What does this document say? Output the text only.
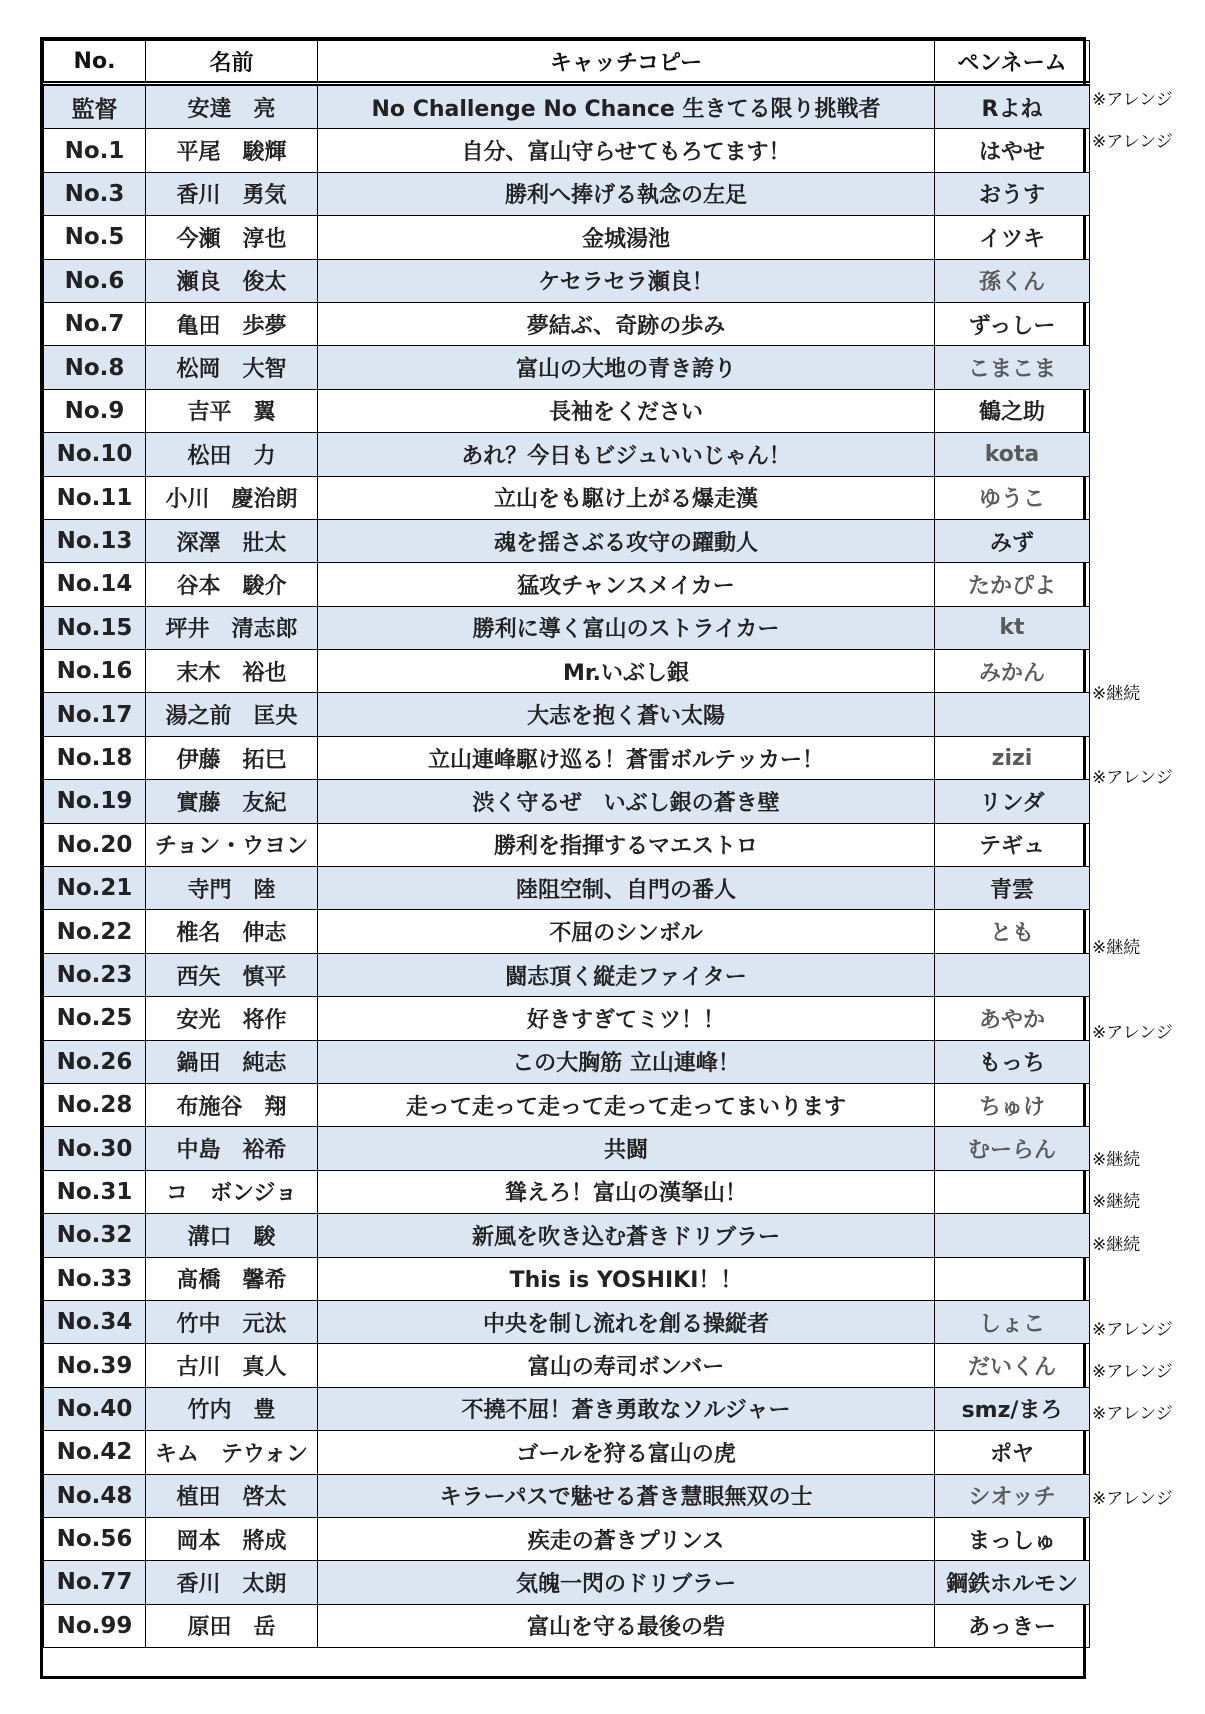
No.	名前	キャッチコピー	ペンネーム
監督	安達　亮	No Challenge No Chance 生きてる限り挑戦者	Rよね
No.1	平尾　駿輝	自分、富山守らせてもろてます！	はやせ
No.3	香川　勇気	勝利へ捧げる執念の左足	おうす
No.5	今瀬　淳也	金城湯池	イツキ
No.6	瀬良　俊太	ケセラセラ瀬良！	孫くん
No.7	亀田　歩夢	夢結ぶ、奇跡の歩み	ずっしー
No.8	松岡　大智	富山の大地の青き誇り	こまこま
No.9	吉平　翼	長袖をください	鶴之助
No.10	松田　力	あれ？今日もビジュいいじゃん！	kota
No.11	小川　慶治朗	立山をも駆け上がる爆走漢	ゆうこ
No.13	深澤　壯太	魂を揺さぶる攻守の躍動人	みず
No.14	谷本　駿介	猛攻チャンスメイカー	たかぴよ
No.15	坪井　清志郎	勝利に導く富山のストライカー	kt
No.16	末木　裕也	Mr.いぶし銀	みかん
No.17	湯之前　匡央	大志を抱く蒼い太陽	
No.18	伊藤　拓巳	立山連峰駆け巡る！蒼雷ボルテッカー！	zizi
No.19	實藤　友紀	渋く守るぜ　いぶし銀の蒼き壁	リンダ
No.20	チョン・ウヨン	勝利を指揮するマエストロ	テギュ
No.21	寺門　陸	陸阻空制、自門の番人	青雲
No.22	椎名　伸志	不屈のシンボル	とも
No.23	西矢　慎平	闘志頂く縦走ファイター	
No.25	安光　将作	好きすぎてミツ！！	あやか
No.26	鍋田　純志	この大胸筋 立山連峰！	もっち
No.28	布施谷　翔	走って走って走って走って走ってまいります	ちゅけ
No.30	中島　裕希	共闘	むーらん
No.31	コ　ボンジョ	聳えろ！富山の漢拏山！	
No.32	溝口　駿	新風を吹き込む蒼きドリブラー	
No.33	髙橋　馨希	This is YOSHIKI！！	
No.34	竹中　元汰	中央を制し流れを創る操縦者	しょこ
No.39	古川　真人	富山の寿司ボンバー	だいくん
No.40	竹内　豊	不撓不屈！蒼き勇敢なソルジャー	smz/まろ
No.42	キム　テウォン	ゴールを狩る富山の虎	ポヤ
No.48	植田　啓太	キラーパスで魅せる蒼き慧眼無双の士	シオッチ
No.56	岡本　將成	疾走の蒼きプリンス	まっしゅ
No.77	香川　太朗	気魄一閃のドリブラー	鋼鉄ホルモン
No.99	原田　岳	富山を守る最後の砦	あっきー
※アレンジ
※アレンジ
※継続
※アレンジ
※継続
※アレンジ
※継続
※継続
※継続
※アレンジ
※アレンジ
※アレンジ
※アレンジ
